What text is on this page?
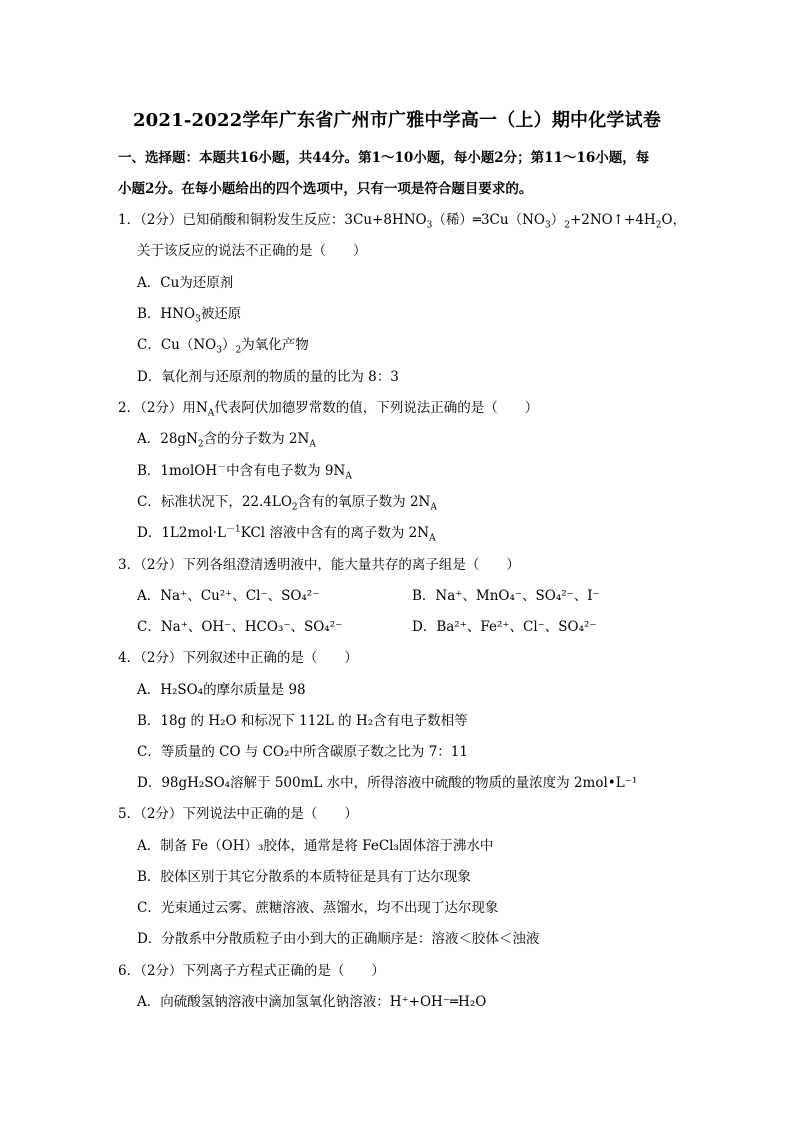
2021-2022学年广东省广州市广雅中学高一（上）期中化学试卷
一、选择题：本题共16小题，共44分。第1～10小题，每小题2分；第11～16小题，每
小题2分。在每小题给出的四个选项中，只有一项是符合题目要求的。
1．（2分）已知硝酸和铜粉发生反应：$3Cu+8HNO_3$（稀）$═3Cu(NO_3)_2+2NO↑+4H_2O$，
关于该反应的说法不正确的是（　　）
A．Cu为还原剂
B．$HNO_3$被还原
C．$Cu(NO_3)_2$为氧化产物
D．氧化剂与还原剂的物质的量的比为 8：3
2．（2分）用$N_A$代表阿伏加德罗常数的值，下列说法正确的是（　　）
A．$28gN_2$含的分子数为 $2N_A$
B．1molOH－中含有电子数为 $9N_A$
C．标准状况下，$22.4LO_2$含有的氧原子数为 $2N_A$
D．$1L2mol\cdot L^{-1}KCl$ 溶液中含有的离子数为 $2N_A$
3．（2分）下列各组澄清透明液中，能大量共存的离子组是（　　）
A．Na⁺、Cu²⁺、Cl⁻、SO₄²⁻	B．Na⁺、MnO₄⁻、SO₄²⁻、I⁻
C．Na⁺、OH⁻、HCO₃⁻、SO₄²⁻	D．Ba²⁺、Fe²⁺、Cl⁻、SO₄²⁻
4．（2分）下列叙述中正确的是（　　）
A．H₂SO₄的摩尔质量是 98
B．18g 的 H₂O 和标况下 112L 的 H₂含有电子数相等
C．等质量的 CO 与 CO₂中所含碳原子数之比为 7：11
D．98gH₂SO₄溶解于 500mL 水中，所得溶液中硫酸的物质的量浓度为 2mol•L⁻¹
5．（2分）下列说法中正确的是（　　）
A．制备 Fe（OH）₃胶体，通常是将 FeCl₃固体溶于沸水中
B．胶体区别于其它分散系的本质特征是具有丁达尔现象
C．光束通过云雾、蔗糖溶液、蒸馏水，均不出现丁达尔现象
D．分散系中分散质粒子由小到大的正确顺序是：溶液＜胶体＜浊液
6．（2分）下列离子方程式正确的是（　　）
A．向硫酸氢钠溶液中滴加氢氧化钠溶液：H⁺+OH⁻═H₂O
